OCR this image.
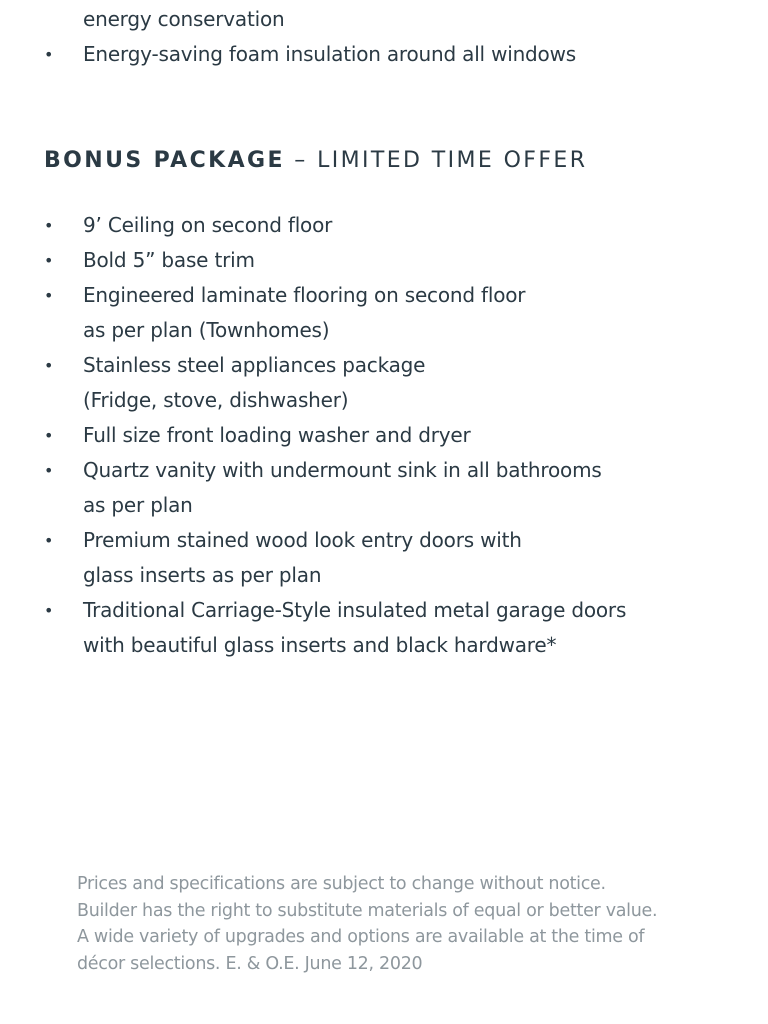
energy conservation
• Energy-saving foam insulation around all windows
BONUS PACKAGE – LIMITED TIME OFFER
• 9’ Ceiling on second floor
• Bold 5” base trim
• Engineered laminate flooring on second floor
as per plan (Townhomes)
• Stainless steel appliances package
(Fridge, stove, dishwasher)
• Full size front loading washer and dryer
• Quartz vanity with undermount sink in all bathrooms
as per plan
• Premium stained wood look entry doors with
glass inserts as per plan
• Traditional Carriage-Style insulated metal garage doors
with beautiful glass inserts and black hardware*
Prices and specifications are subject to change without notice.
Builder has the right to substitute materials of equal or better value.
A wide variety of upgrades and options are available at the time of
décor selections. E. & O.E. June 12, 2020
